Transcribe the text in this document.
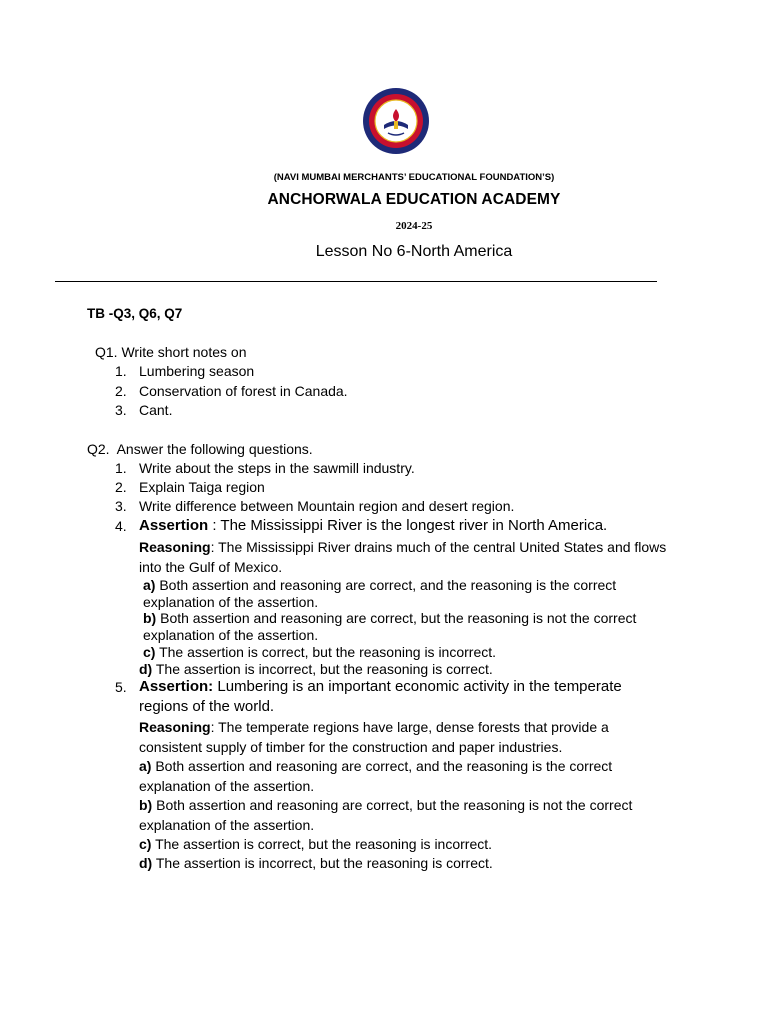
(NAVI MUMBAI MERCHANTS’ EDUCATIONAL FOUNDATION’S)
ANCHORWALA EDUCATION ACADEMY
2024-25
Lesson No 6-North America
TB -Q3, Q6, Q7
Q1. Write short notes on
1. Lumbering season
2. Conservation of forest in Canada.
3. Cant.
Q2.  Answer the following questions.
1. Write about the steps in the sawmill industry.
2. Explain Taiga region
3. Write difference between Mountain region and desert region.
4. Assertion : The Mississippi River is the longest river in North America.
Reasoning: The Mississippi River drains much of the central United States and flows into the Gulf of Mexico.
a) Both assertion and reasoning are correct, and the reasoning is the correct explanation of the assertion.
b) Both assertion and reasoning are correct, but the reasoning is not the correct explanation of the assertion.
c) The assertion is correct, but the reasoning is incorrect.
d) The assertion is incorrect, but the reasoning is correct.
5. Assertion: Lumbering is an important economic activity in the temperate regions of the world.
Reasoning: The temperate regions have large, dense forests that provide a consistent supply of timber for the construction and paper industries.
a) Both assertion and reasoning are correct, and the reasoning is the correct explanation of the assertion.
b) Both assertion and reasoning are correct, but the reasoning is not the correct explanation of the assertion.
c) The assertion is correct, but the reasoning is incorrect.
d) The assertion is incorrect, but the reasoning is correct.
